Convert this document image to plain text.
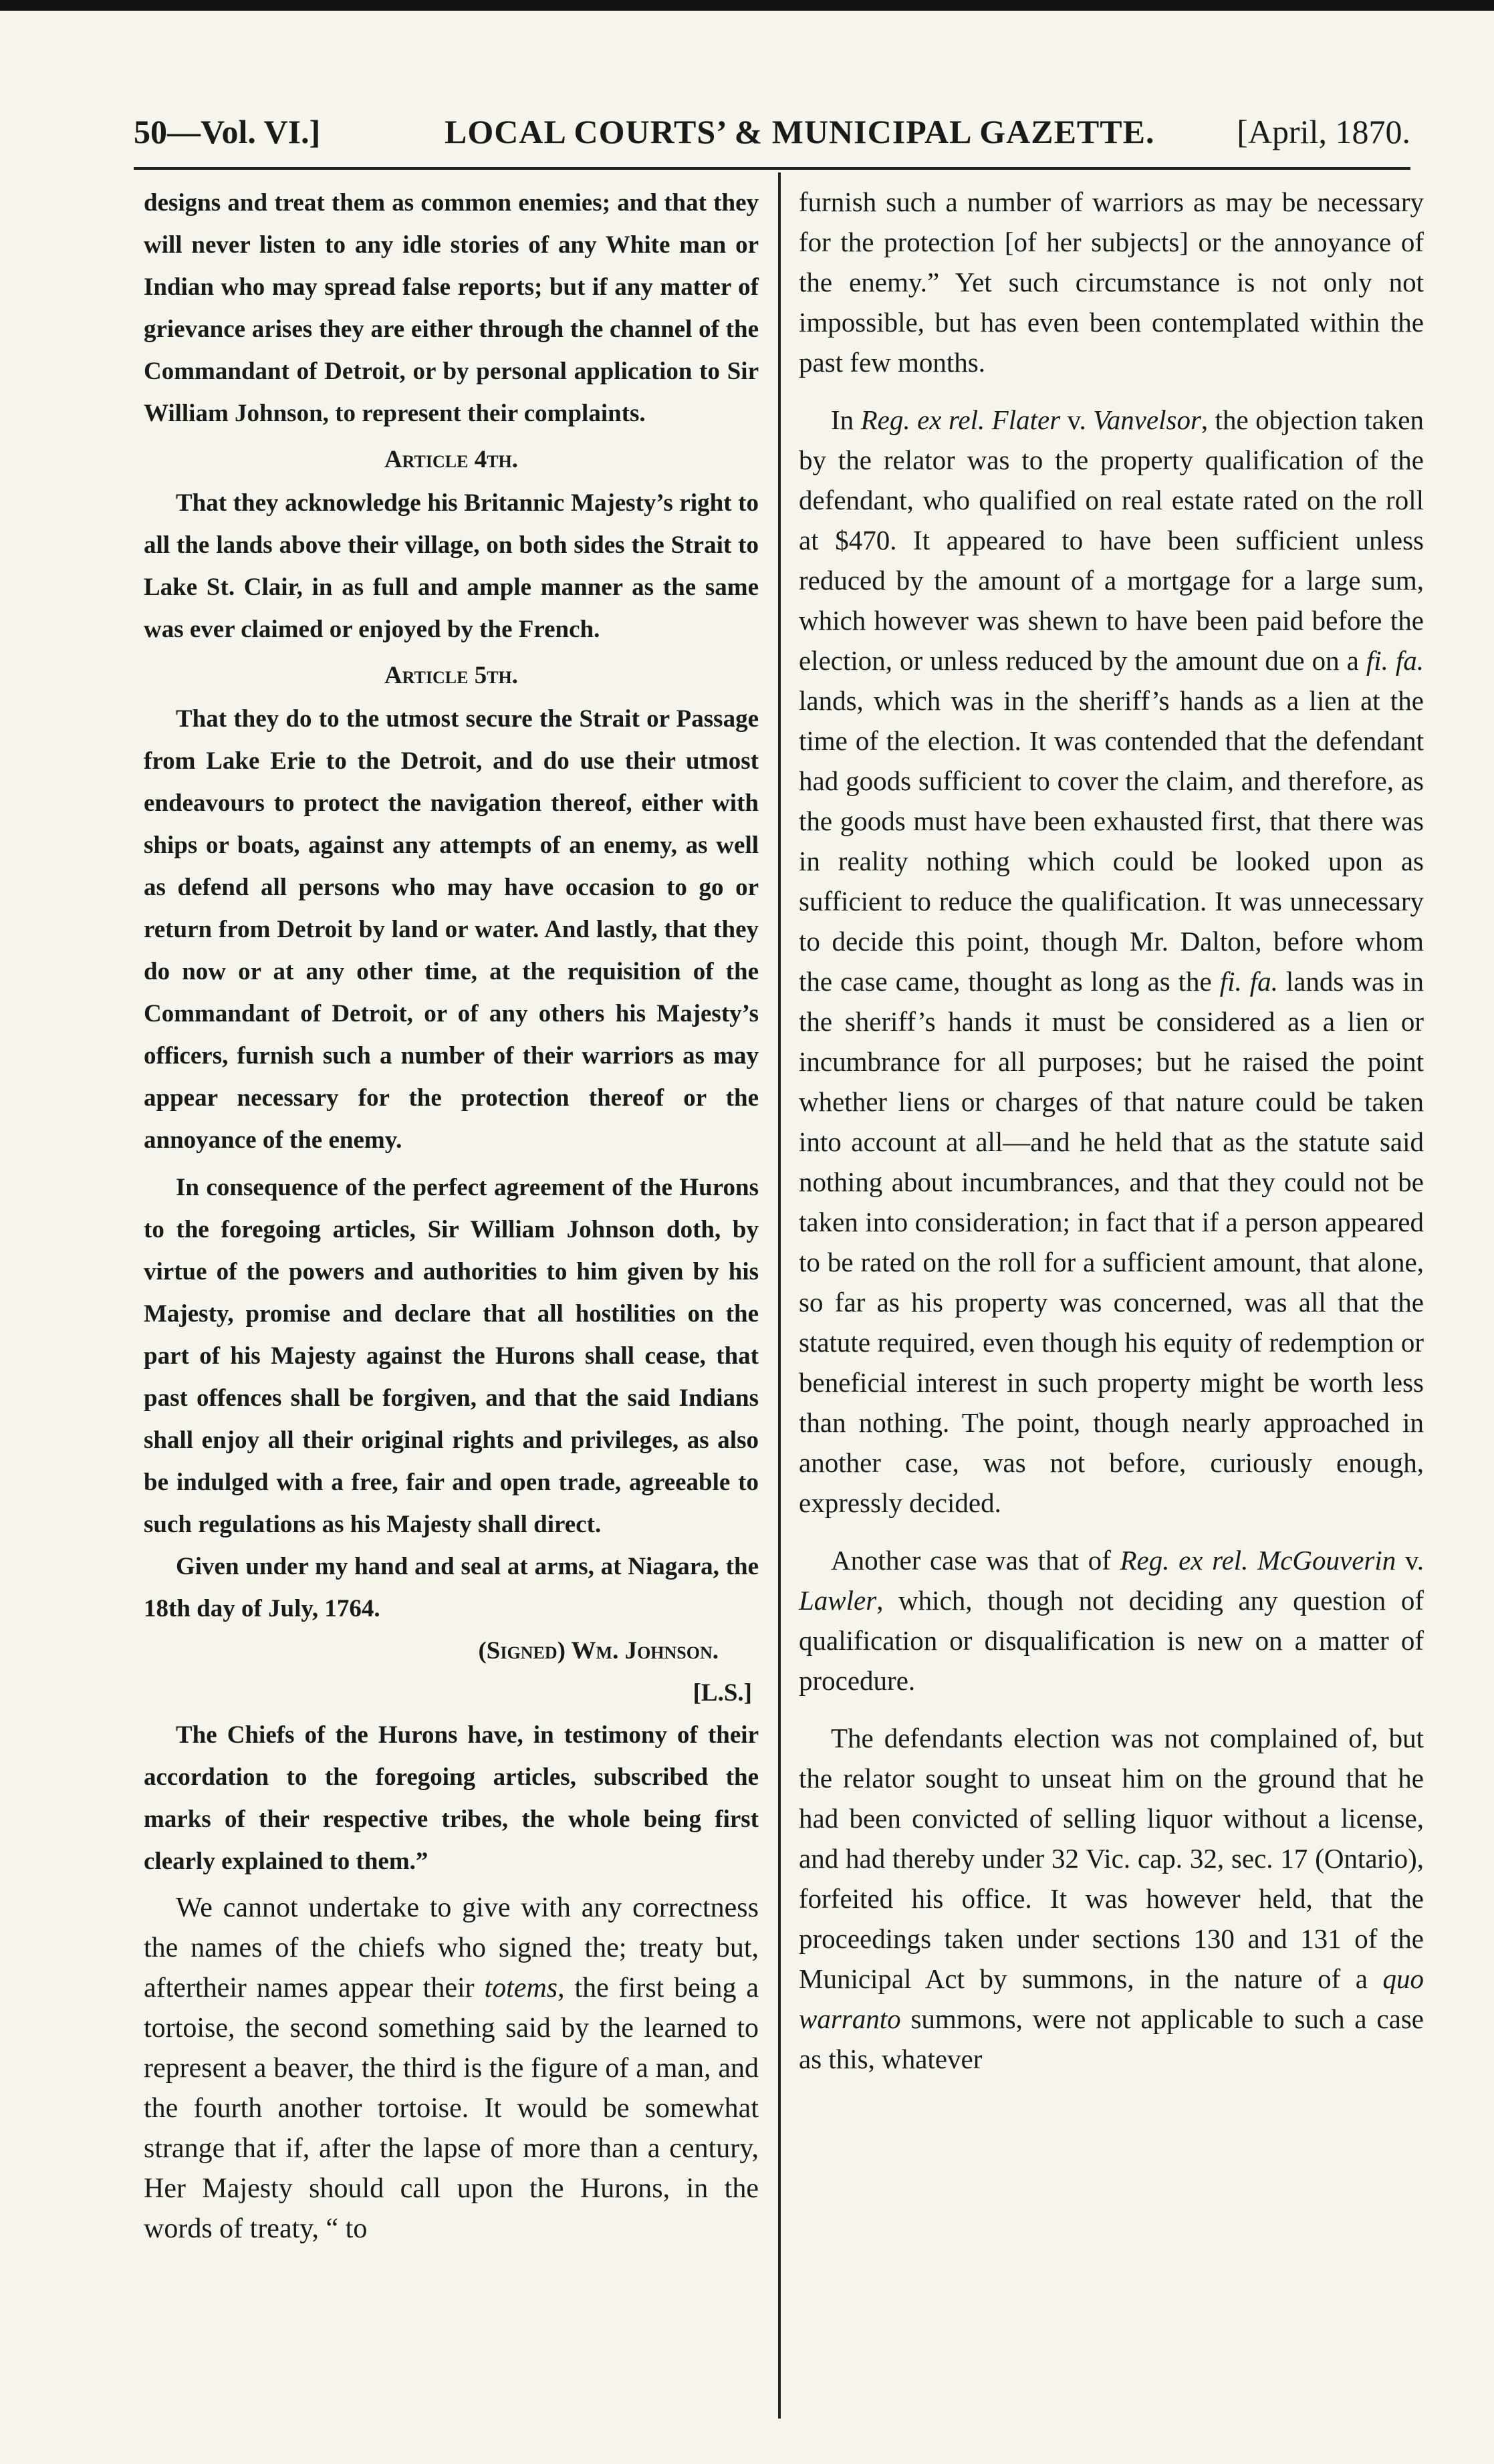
50—Vol. VI.]	LOCAL COURTS’ & MUNICIPAL GAZETTE. [April, 1870.

designs and treat them as common enemies; and that they will never listen to any idle stories of any White man or Indian who may spread false reports; but if any matter of grievance arises they are either through the channel of the Commandant of Detroit, or by personal application to Sir William Johnson, to represent their complaints.

Article 4th.

That they acknowledge his Britannic Majesty’s right to all the lands above their village, on both sides the Strait to Lake St. Clair, in as full and ample manner as the same was ever claimed or enjoyed by the French.

Article 5th.

That they do to the utmost secure the Strait or Passage from Lake Erie to the Detroit, and do use their utmost endeavours to protect the navigation thereof, either with ships or boats, against any attempts of an enemy, as well as defend all persons who may have occasion to go or return from Detroit by land or water. And lastly, that they do now or at any other time, at the requisition of the Commandant of Detroit, or of any others his Majesty’s officers, furnish such a number of their warriors as may appear necessary for the protection thereof or the annoyance of the enemy.

In consequence of the perfect agreement of the Hurons to the foregoing articles, Sir William Johnson doth, by virtue of the powers and authorities to him given by his Majesty, promise and declare that all hostilities on the part of his Majesty against the Hurons shall cease, that past offences shall be forgiven, and that the said Indians shall enjoy all their original rights and privileges, as also be indulged with a free, fair and open trade, agreeable to such regulations as his Majesty shall direct.

Given under my hand and seal at arms, at Niagara, the 18th day of July, 1764.

(Signed) Wm. Johnson.
[L.S.]

The Chiefs of the Hurons have, in testimony of their accordation to the foregoing articles, subscribed the marks of their respective tribes, the whole being first clearly explained to them.”

We cannot undertake to give with any correctness the names of the chiefs who signed the; treaty but, aftertheir names appear their totems, the first being a tortoise, the second something said by the learned to represent a beaver, the third is the figure of a man, and the fourth another tortoise. It would be somewhat strange that if, after the lapse of more than a century, Her Majesty should call upon the Hurons, in the words of treaty, “ to

furnish such a number of warriors as may be necessary for the protection [of her subjects] or the annoyance of the enemy.” Yet such circumstance is not only not impossible, but has even been contemplated within the past few months.

In Reg. ex rel. Flater v. Vanvelsor, the objection taken by the relator was to the property qualification of the defendant, who qualified on real estate rated on the roll at $470. It appeared to have been sufficient unless reduced by the amount of a mortgage for a large sum, which however was shewn to have been paid before the election, or unless reduced by the amount due on a fi. fa. lands, which was in the sheriff’s hands as a lien at the time of the election. It was contended that the defendant had goods sufficient to cover the claim, and therefore, as the goods must have been exhausted first, that there was in reality nothing which could be looked upon as sufficient to reduce the qualification. It was unnecessary to decide this point, though Mr. Dalton, before whom the case came, thought as long as the fi. fa. lands was in the sheriff’s hands it must be considered as a lien or incumbrance for all purposes; but he raised the point whether liens or charges of that nature could be taken into account at all—and he held that as the statute said nothing about incumbrances, and that they could not be taken into consideration; in fact that if a person appeared to be rated on the roll for a sufficient amount, that alone, so far as his property was concerned, was all that the statute required, even though his equity of redemption or beneficial interest in such property might be worth less than nothing. The point, though nearly approached in another case, was not before, curiously enough, expressly decided.

Another case was that of Reg. ex rel. McGouverin v. Lawler, which, though not deciding any question of qualification or disqualification is new on a matter of procedure.

The defendants election was not complained of, but the relator sought to unseat him on the ground that he had been convicted of selling liquor without a license, and had thereby under 32 Vic. cap. 32, sec. 17 (Ontario), forfeited his office. It was however held, that the proceedings taken under sections 130 and 131 of the Municipal Act by summons, in the nature of a quo warranto summons, were not applicable to such a case as this, whatever
